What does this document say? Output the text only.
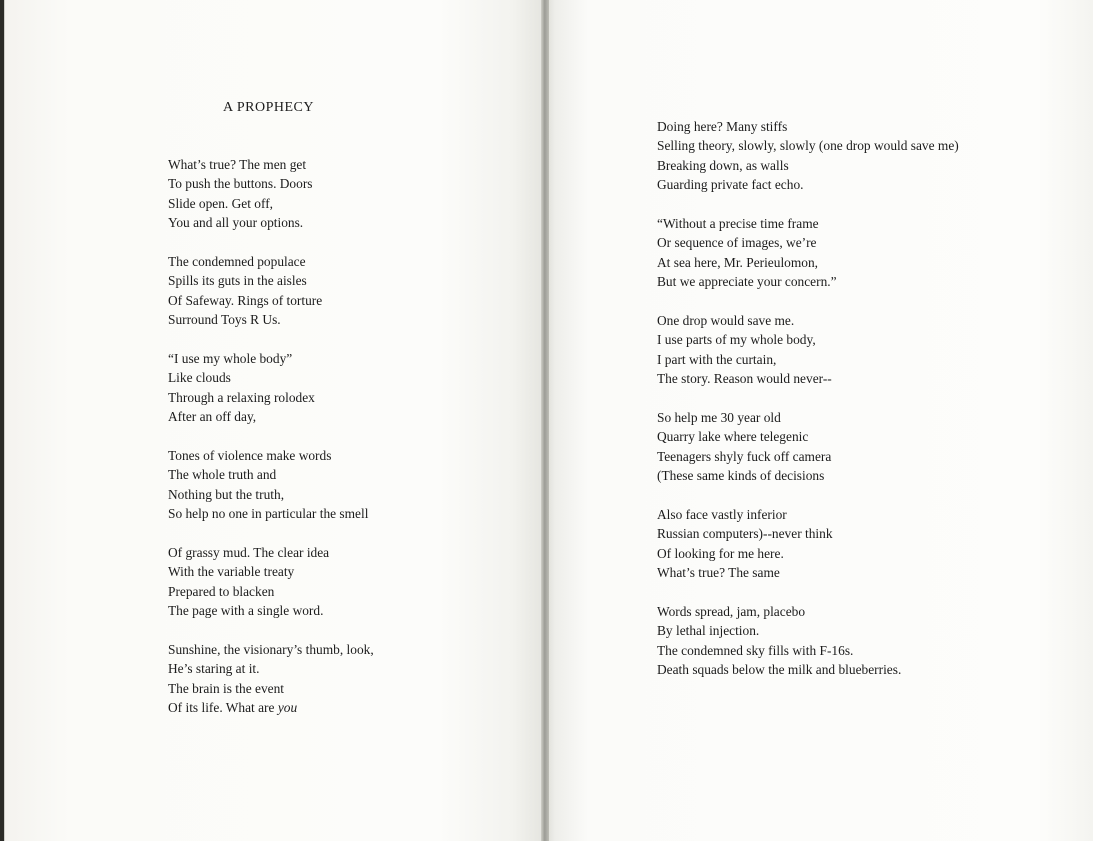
A PROPHECY
What’s true? The men get
To push the buttons. Doors
Slide open. Get off,
You and all your options.
The condemned populace
Spills its guts in the aisles
Of Safeway. Rings of torture
Surround Toys R Us.
“I use my whole body”
Like clouds
Through a relaxing rolodex
After an off day,
Tones of violence make words
The whole truth and
Nothing but the truth,
So help no one in particular the smell
Of grassy mud. The clear idea
With the variable treaty
Prepared to blacken
The page with a single word.
Sunshine, the visionary’s thumb, look,
He’s staring at it.
The brain is the event
Of its life. What are you
Doing here? Many stiffs
Selling theory, slowly, slowly (one drop would save me)
Breaking down, as walls
Guarding private fact echo.
“Without a precise time frame
Or sequence of images, we’re
At sea here, Mr. Perieulomon,
But we appreciate your concern.”
One drop would save me.
I use parts of my whole body,
I part with the curtain,
The story. Reason would never--
So help me 30 year old
Quarry lake where telegenic
Teenagers shyly fuck off camera
(These same kinds of decisions
Also face vastly inferior
Russian computers)--never think
Of looking for me here.
What’s true? The same
Words spread, jam, placebo
By lethal injection.
The condemned sky fills with F-16s.
Death squads below the milk and blueberries.
